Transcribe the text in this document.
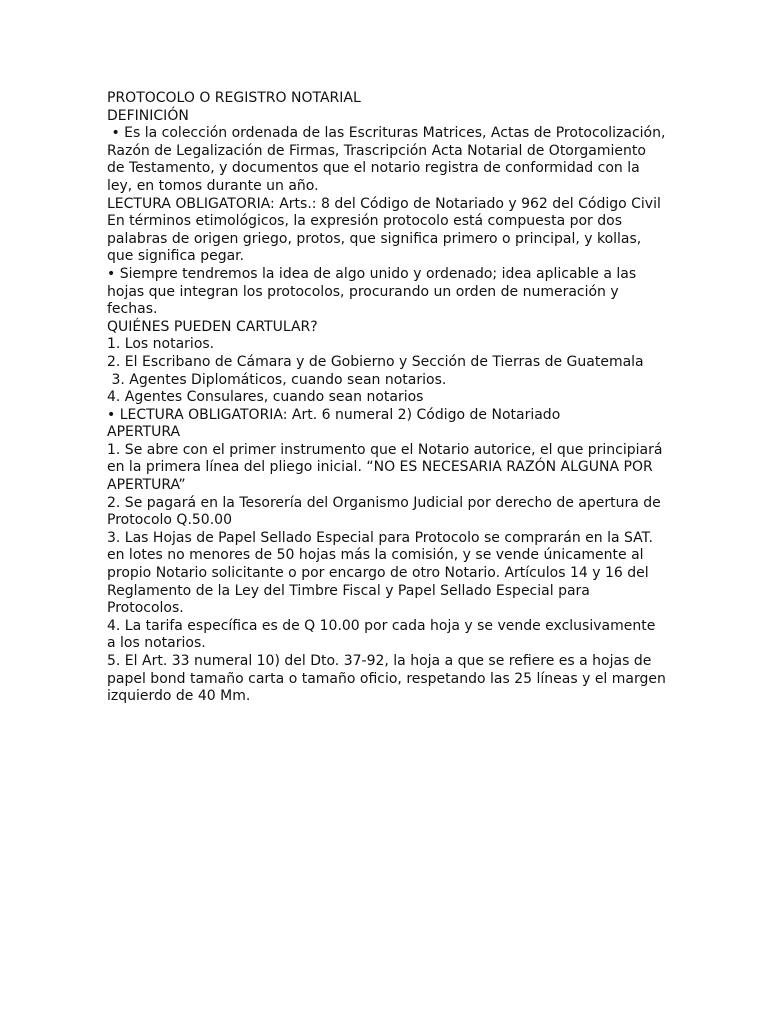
PROTOCOLO O REGISTRO NOTARIAL

DEFINICIÓN

• Es la colección ordenada de las Escrituras Matrices, Actas de Protocolización, Razón de Legalización de Firmas, Trascripción Acta Notarial de Otorgamiento de Testamento, y documentos que el notario registra de conformidad con la ley, en tomos durante un año.

LECTURA OBLIGATORIA: Arts.: 8 del Código de Notariado y 962 del Código Civil

En términos etimológicos, la expresión protocolo está compuesta por dos palabras de origen griego, protos, que significa primero o principal, y kollas, que significa pegar.

• Siempre tendremos la idea de algo unido y ordenado; idea aplicable a las hojas que integran los protocolos, procurando un orden de numeración y fechas.

QUIÉNES PUEDEN CARTULAR?

1. Los notarios.

2. El Escribano de Cámara y de Gobierno y Sección de Tierras de Guatemala

3. Agentes Diplomáticos, cuando sean notarios.

4. Agentes Consulares, cuando sean notarios

• LECTURA OBLIGATORIA: Art. 6 numeral 2) Código de Notariado

APERTURA

1. Se abre con el primer instrumento que el Notario autorice, el que principiará en la primera línea del pliego inicial. “NO ES NECESARIA RAZÓN ALGUNA POR APERTURA”

2. Se pagará en la Tesorería del Organismo Judicial por derecho de apertura de Protocolo Q.50.00

3. Las Hojas de Papel Sellado Especial para Protocolo se comprarán en la SAT. en lotes no menores de 50 hojas más la comisión, y se vende únicamente al propio Notario solicitante o por encargo de otro Notario. Artículos 14 y 16 del Reglamento de la Ley del Timbre Fiscal y Papel Sellado Especial para Protocolos.

4. La tarifa específica es de Q 10.00 por cada hoja y se vende exclusivamente a los notarios.

5. El Art. 33 numeral 10) del Dto. 37-92, la hoja a que se refiere es a hojas de papel bond tamaño carta o tamaño oficio, respetando las 25 líneas y el margen izquierdo de 40 Mm.
